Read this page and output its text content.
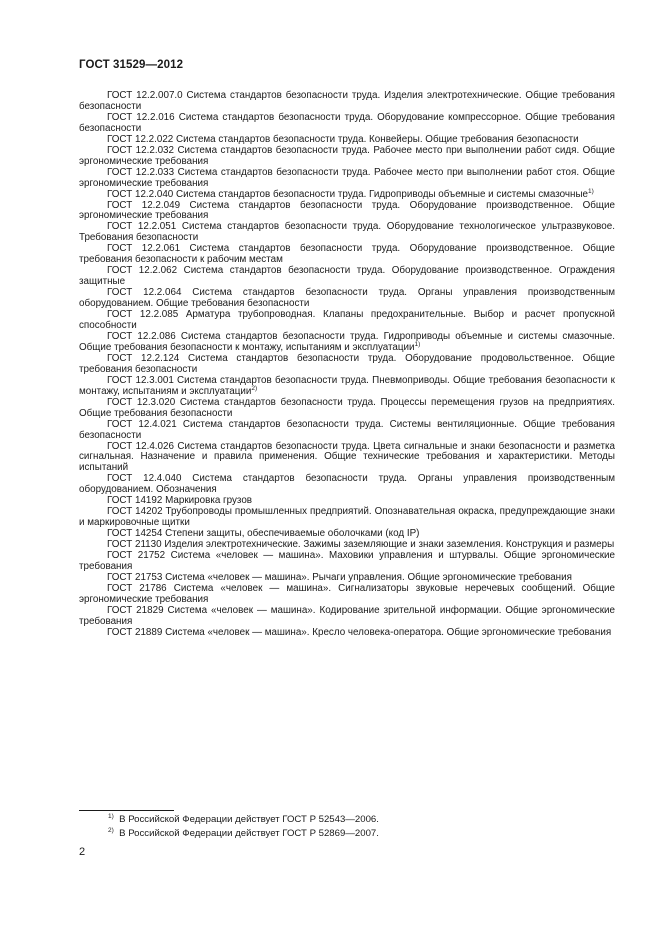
ГОСТ 31529—2012

ГОСТ 12.2.007.0 Система стандартов безопасности труда. Изделия электротехнические. Общие требования безопасности

ГОСТ 12.2.016 Система стандартов безопасности труда. Оборудование компрессорное. Общие требования безопасности

ГОСТ 12.2.022 Система стандартов безопасности труда. Конвейеры. Общие требования безопасности

ГОСТ 12.2.032 Система стандартов безопасности труда. Рабочее место при выполнении работ сидя. Общие эргономические требования

ГОСТ 12.2.033 Система стандартов безопасности труда. Рабочее место при выполнении работ стоя. Общие эргономические требования

ГОСТ 12.2.040 Система стандартов безопасности труда. Гидроприводы объемные и системы смазочные$^{1)}$

ГОСТ 12.2.049 Система стандартов безопасности труда. Оборудование производственное. Общие эргономические требования

ГОСТ 12.2.051 Система стандартов безопасности труда. Оборудование технологическое ультразвуковое. Требования безопасности

ГОСТ 12.2.061 Система стандартов безопасности труда. Оборудование производственное. Общие требования безопасности к рабочим местам

ГОСТ 12.2.062 Система стандартов безопасности труда. Оборудование производственное. Ограждения защитные

ГОСТ 12.2.064 Система стандартов безопасности труда. Органы управления производственным оборудованием. Общие требования безопасности

ГОСТ 12.2.085 Арматура трубопроводная. Клапаны предохранительные. Выбор и расчет пропускной способности

ГОСТ 12.2.086 Система стандартов безопасности труда. Гидроприводы объемные и системы смазочные. Общие требования безопасности к монтажу, испытаниям и эксплуатации$^{1)}$

ГОСТ 12.2.124 Система стандартов безопасности труда. Оборудование продовольственное. Общие требования безопасности

ГОСТ 12.3.001 Система стандартов безопасности труда. Пневмоприводы. Общие требования безопасности к монтажу, испытаниям и эксплуатации$^{2)}$

ГОСТ 12.3.020 Система стандартов безопасности труда. Процессы перемещения грузов на предприятиях. Общие требования безопасности

ГОСТ 12.4.021 Система стандартов безопасности труда. Системы вентиляционные. Общие требования безопасности

ГОСТ 12.4.026 Система стандартов безопасности труда. Цвета сигнальные и знаки безопасности и разметка сигнальная. Назначение и правила применения. Общие технические требования и характеристики. Методы испытаний

ГОСТ 12.4.040 Система стандартов безопасности труда. Органы управления производственным оборудованием. Обозначения

ГОСТ 14192 Маркировка грузов

ГОСТ 14202 Трубопроводы промышленных предприятий. Опознавательная окраска, предупреждающие знаки и маркировочные щитки

ГОСТ 14254 Степени защиты, обеспечиваемые оболочками (код IP)

ГОСТ 21130 Изделия электротехнические. Зажимы заземляющие и знаки заземления. Конструкция и размеры

ГОСТ 21752 Система «человек — машина». Маховики управления и штурвалы. Общие эргономические требования

ГОСТ 21753 Система «человек — машина». Рычаги управления. Общие эргономические требования

ГОСТ 21786 Система «человек — машина». Сигнализаторы звуковые неречевых сообщений. Общие эргономические требования

ГОСТ 21829 Система «человек — машина». Кодирование зрительной информации. Общие эргономические требования

ГОСТ 21889 Система «человек — машина». Кресло человека-оператора. Общие эргономические требования

$^{1)}$ В Российской Федерации действует ГОСТ Р 52543—2006.
$^{2)}$ В Российской Федерации действует ГОСТ Р 52869—2007.
2
